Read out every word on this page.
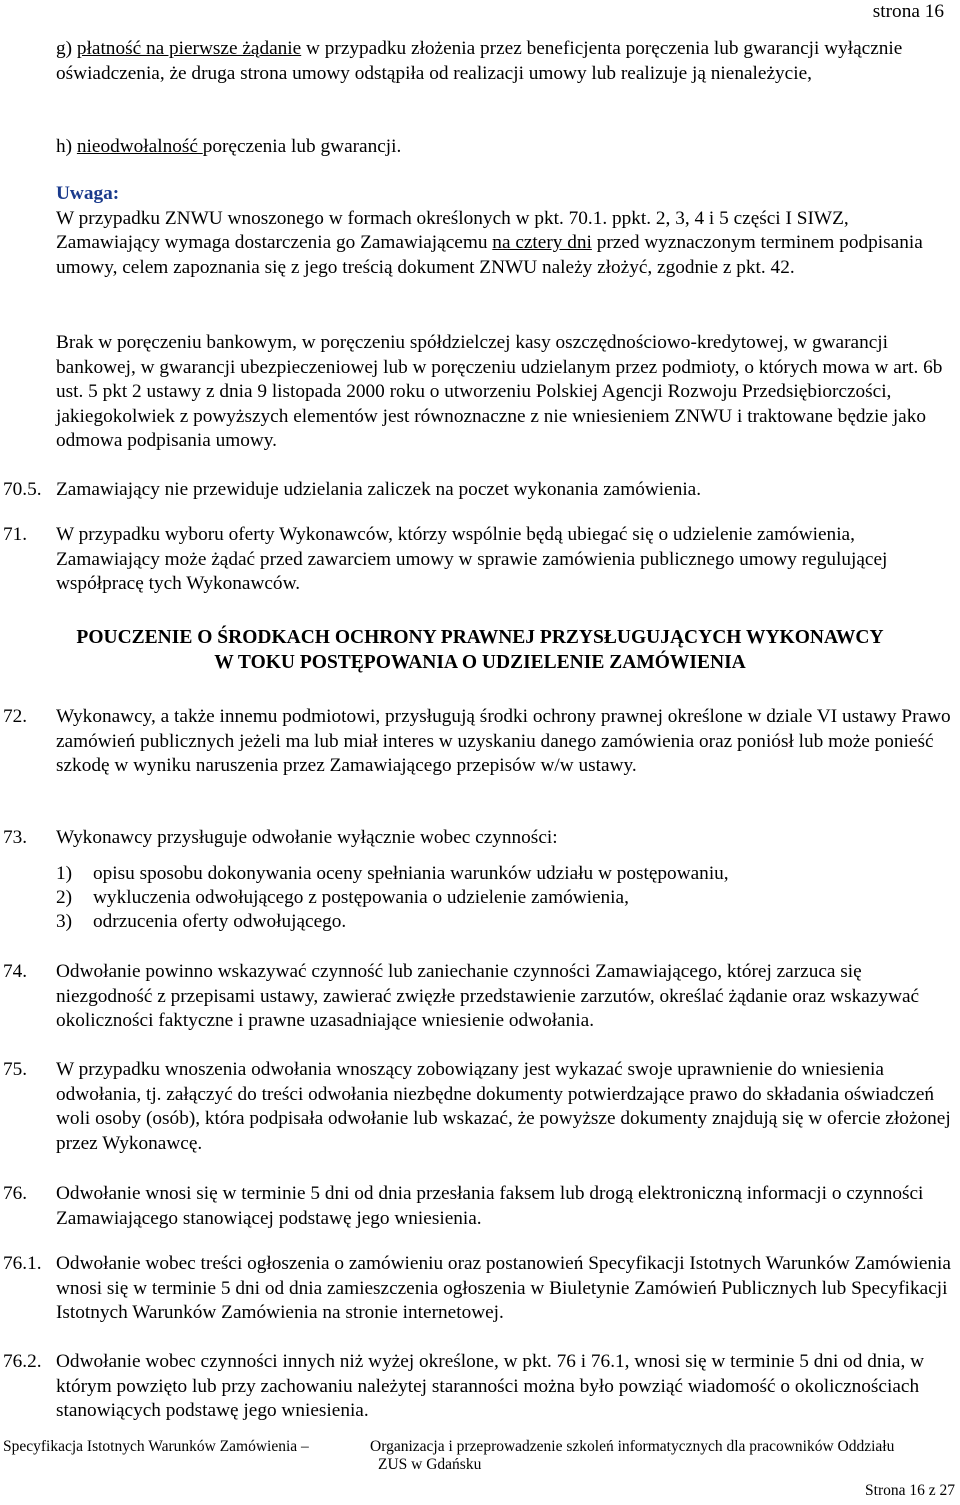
strona 16
g) płatność na pierwsze żądanie w przypadku złożenia przez beneficjenta poręczenia lub gwarancji wyłącznie oświadczenia, że druga strona umowy odstąpiła od realizacji umowy lub realizuje ją nienależycie,
h) nieodwołalność poręczenia lub gwarancji.
Uwaga:
W przypadku ZNWU wnoszonego w formach określonych w pkt. 70.1. ppkt. 2, 3, 4 i 5 części I SIWZ, Zamawiający wymaga dostarczenia go Zamawiającemu na cztery dni przed wyznaczonym terminem podpisania umowy, celem zapoznania się z jego treścią dokument ZNWU należy złożyć, zgodnie z pkt. 42.
Brak w poręczeniu bankowym, w poręczeniu spółdzielczej kasy oszczędnościowo-kredytowej, w gwarancji bankowej, w gwarancji ubezpieczeniowej lub w poręczeniu udzielanym przez podmioty, o których mowa w art. 6b ust. 5 pkt 2 ustawy z dnia 9 listopada 2000 roku o utworzeniu Polskiej Agencji Rozwoju Przedsiębiorczości, jakiegokolwiek z powyższych elementów jest równoznaczne z nie wniesieniem ZNWU i traktowane będzie jako odmowa podpisania umowy.
70.5. Zamawiający nie przewiduje udzielania zaliczek na poczet wykonania zamówienia.
71. W przypadku wyboru oferty Wykonawców, którzy wspólnie będą ubiegać się o udzielenie zamówienia, Zamawiający może żądać przed zawarciem umowy w sprawie zamówienia publicznego umowy regulującej współpracę tych Wykonawców.
POUCZENIE O ŚRODKACH OCHRONY PRAWNEJ PRZYSŁUGUJĄCYCH WYKONAWCY
W TOKU POSTĘPOWANIA O UDZIELENIE ZAMÓWIENIA
72. Wykonawcy, a także innemu podmiotowi, przysługują środki ochrony prawnej określone w dziale VI ustawy Prawo zamówień publicznych jeżeli ma lub miał interes w uzyskaniu danego zamówienia oraz poniósł lub może ponieść szkodę w wyniku naruszenia przez Zamawiającego przepisów w/w ustawy.
73. Wykonawcy przysługuje odwołanie wyłącznie wobec czynności:
1) opisu sposobu dokonywania oceny spełniania warunków udziału w postępowaniu,
2) wykluczenia odwołującego z postępowania o udzielenie zamówienia,
3) odrzucenia oferty odwołującego.
74. Odwołanie powinno wskazywać czynność lub zaniechanie czynności Zamawiającego, której zarzuca się niezgodność z przepisami ustawy, zawierać zwięzłe przedstawienie zarzutów, określać żądanie oraz wskazywać okoliczności faktyczne i prawne uzasadniające wniesienie odwołania.
75. W przypadku wnoszenia odwołania wnoszący zobowiązany jest wykazać swoje uprawnienie do wniesienia odwołania, tj. załączyć do treści odwołania niezbędne dokumenty potwierdzające prawo do składania oświadczeń woli osoby (osób), która podpisała odwołanie lub wskazać, że powyższe dokumenty znajdują się w ofercie złożonej przez Wykonawcę.
76. Odwołanie wnosi się w terminie 5 dni od dnia przesłania faksem lub drogą elektroniczną informacji o czynności Zamawiającego stanowiącej podstawę jego wniesienia.
76.1. Odwołanie wobec treści ogłoszenia o zamówieniu oraz postanowień Specyfikacji Istotnych Warunków Zamówienia wnosi się w terminie 5 dni od dnia zamieszczenia ogłoszenia w Biuletynie Zamówień Publicznych lub Specyfikacji Istotnych Warunków Zamówienia na stronie internetowej.
76.2. Odwołanie wobec czynności innych niż wyżej określone, w pkt. 76 i 76.1, wnosi się w terminie 5 dni od dnia, w którym powzięto lub przy zachowaniu należytej staranności można było powziąć wiadomość o okolicznościach stanowiących podstawę jego wniesienia.
Specyfikacja Istotnych Warunków Zamówienia –	Organizacja i przeprowadzenie szkoleń informatycznych dla pracowników Oddziału
ZUS w Gdańsku
Strona 16 z 27
